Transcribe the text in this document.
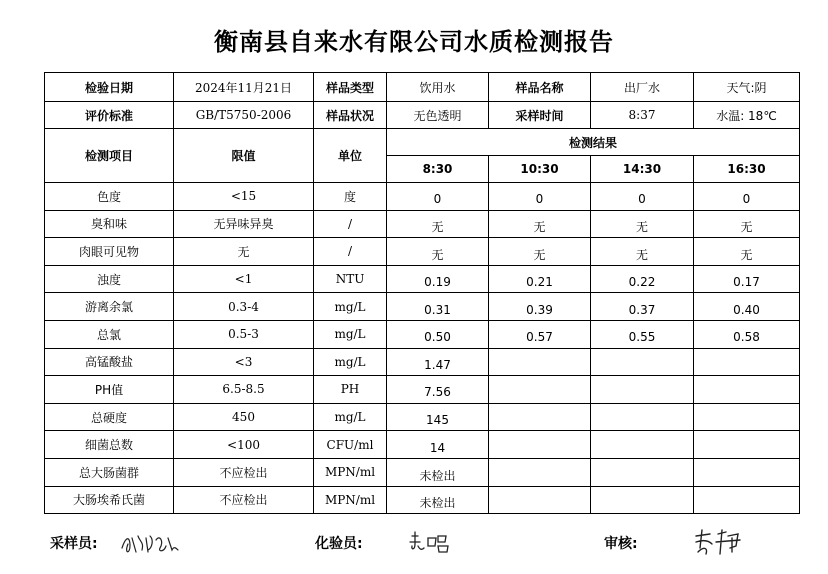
衡南县自来水有限公司水质检测报告
检验日期	2024年11月21日	样品类型	饮用水	样品名称	出厂水	天气:阴
评价标准	GB/T5750-2006	样品状况	无色透明	采样时间	8:37	水温: 18℃
检测项目	限值	单位	检测结果			
			8:30	10:30	14:30	16:30
色度	<15	度	0	0	0	0
臭和味	无异味异臭	/	无	无	无	无
肉眼可见物	无	/	无	无	无	无
浊度	<1	NTU	0.19	0.21	0.22	0.17
游离余氯	0.3-4	mg/L	0.31	0.39	0.37	0.40
总氯	0.5-3	mg/L	0.50	0.57	0.55	0.58
高锰酸盐	<3	mg/L	1.47			
PH值	6.5-8.5	PH	7.56			
总硬度	450	mg/L	145			
细菌总数	<100	CFU/ml	14			
总大肠菌群	不应检出	MPN/ml	未检出			
大肠埃希氏菌	不应检出	MPN/ml	未检出			
采样员:	化验员:	审核:
